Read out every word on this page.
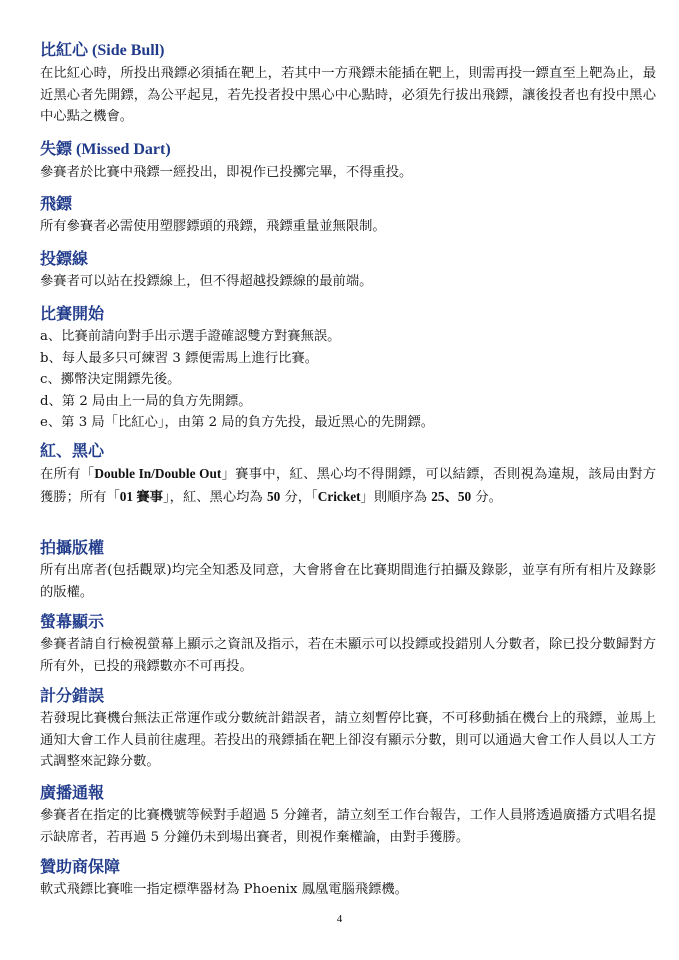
比紅心 (Side Bull)

在比紅心時，所投出飛鏢必須插在靶上，若其中一方飛鏢未能插在靶上，則需再投一鏢直至上靶為止，最近黑心者先開鏢，為公平起見，若先投者投中黑心中心點時，必須先行拔出飛鏢，讓後投者也有投中黑心中心點之機會。

失鏢 (Missed Dart)

參賽者於比賽中飛鏢一經投出，即視作已投擲完畢，不得重投。

飛鏢

所有參賽者必需使用塑膠鏢頭的飛鏢，飛鏢重量並無限制。

投鏢線

參賽者可以站在投鏢線上，但不得超越投鏢線的最前端。

比賽開始

a、比賽前請向對手出示選手證確認雙方對賽無誤。

b、每人最多只可練習 3 鏢便需馬上進行比賽。

c、擲幣決定開鏢先後。

d、第 2 局由上一局的負方先開鏢。

e、第 3 局「比紅心」，由第 2 局的負方先投，最近黑心的先開鏢。

紅、黑心

在所有「Double In/Double Out」賽事中，紅、黑心均不得開鏢，可以結鏢，否則視為違規，該局由對方獲勝；所有「01 賽事」，紅、黑心均為 50 分，「Cricket」則順序為 25、50 分。

拍攝版權

所有出席者(包括觀眾)均完全知悉及同意，大會將會在比賽期間進行拍攝及錄影，並享有所有相片及錄影的版權。

螢幕顯示

參賽者請自行檢視螢幕上顯示之資訊及指示，若在未顯示可以投鏢或投錯別人分數者，除已投分數歸對方所有外，已投的飛鏢數亦不可再投。

計分錯誤

若發現比賽機台無法正常運作或分數統計錯誤者，請立刻暫停比賽，不可移動插在機台上的飛鏢，並馬上通知大會工作人員前往處理。若投出的飛鏢插在靶上卻沒有顯示分數，則可以通過大會工作人員以人工方式調整來記錄分數。

廣播通報

參賽者在指定的比賽機號等候對手超過 5 分鐘者，請立刻至工作台報告，工作人員將透過廣播方式唱名提示缺席者，若再過 5 分鐘仍未到場出賽者，則視作棄權論，由對手獲勝。

贊助商保障

軟式飛鏢比賽唯一指定標準器材為 Phoenix 鳳凰電腦飛鏢機。

4
